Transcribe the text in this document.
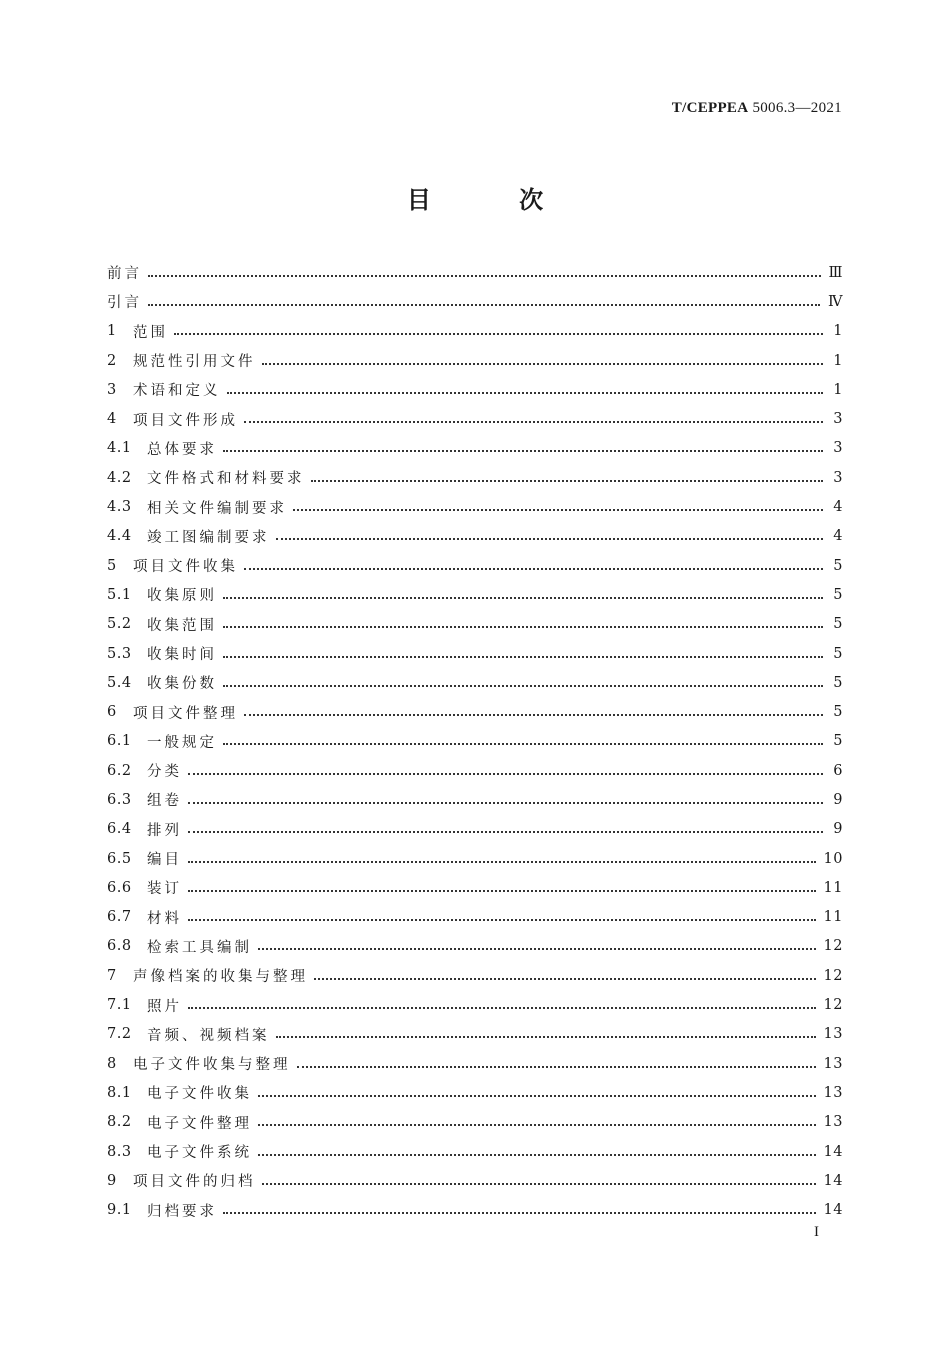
T/CEPPEA 5006.3—2021
目 次
前言	Ⅲ
引言	Ⅳ
1	范围	1
2	规范性引用文件	1
3	术语和定义	1
4	项目文件形成	3
4.1	总体要求	3
4.2	文件格式和材料要求	3
4.3	相关文件编制要求	4
4.4	竣工图编制要求	4
5	项目文件收集	5
5.1	收集原则	5
5.2	收集范围	5
5.3	收集时间	5
5.4	收集份数	5
6	项目文件整理	5
6.1	一般规定	5
6.2	分类	6
6.3	组卷	9
6.4	排列	9
6.5	编目	10
6.6	装订	11
6.7	材料	11
6.8	检索工具编制	12
7	声像档案的收集与整理	12
7.1	照片	12
7.2	音频、视频档案	13
8	电子文件收集与整理	13
8.1	电子文件收集	13
8.2	电子文件整理	13
8.3	电子文件系统	14
9	项目文件的归档	14
9.1	归档要求	14
I
